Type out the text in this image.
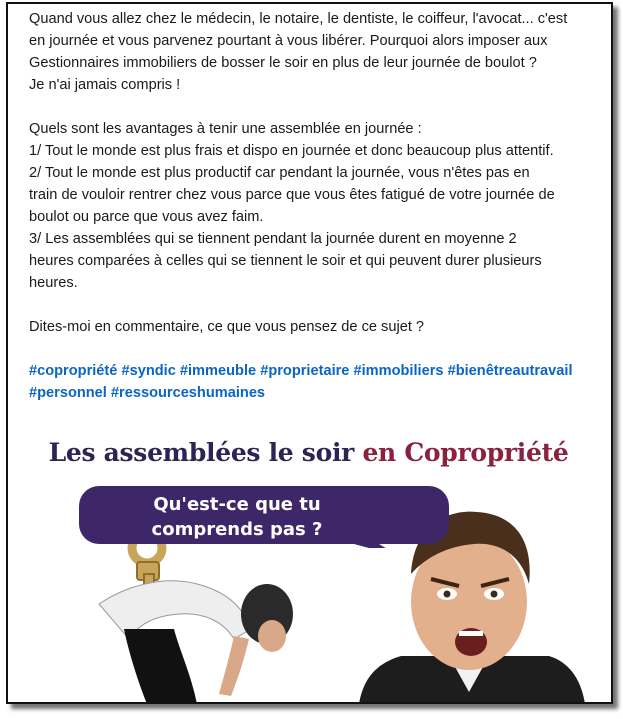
Quand vous allez chez le médecin, le notaire, le dentiste, le coiffeur, l'avocat... c'est

en journée et vous parvenez pourtant à vous libérer. Pourquoi alors imposer aux

Gestionnaires immobiliers de bosser le soir en plus de leur journée de boulot ?

Je n'ai jamais compris !

Quels sont les avantages à tenir une assemblée en journée :

1/ Tout le monde est plus frais et dispo en journée et donc beaucoup plus attentif.

2/ Tout le monde est plus productif car pendant la journée, vous n'êtes pas en

train de vouloir rentrer chez vous parce que vous êtes fatigué de votre journée de

boulot ou parce que vous avez faim.

3/ Les assemblées qui se tiennent pendant la journée durent en moyenne 2

heures comparées à celles qui se tiennent le soir et qui peuvent durer plusieurs

heures.

Dites-moi en commentaire, ce que vous pensez de ce sujet ?

#copropriété #syndic #immeuble #proprietaire #immobiliers #bienêtreautravail

#personnel #ressourceshumaines

Les assemblées le soir en Copropriété
Qu'est-ce que tu
comprends pas ?
